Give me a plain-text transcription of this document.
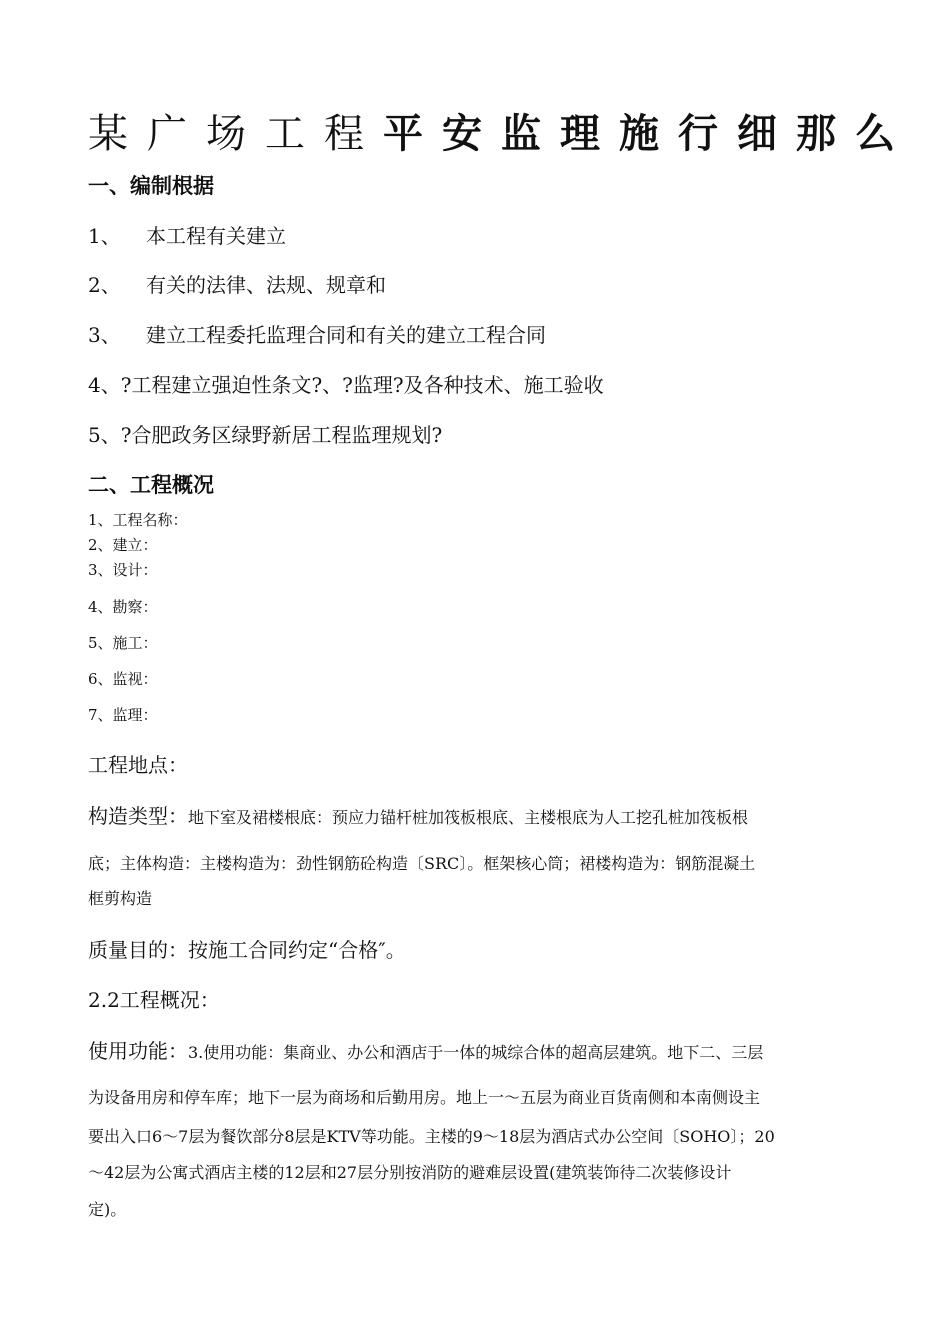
某广场工程平安监理施行细那么
一、编制根据
1、 本工程有关建立
2、 有关的法律、法规、规章和
3、 建立工程委托监理合同和有关的建立工程合同
4、?工程建立强迫性条文?、?监理?及各种技术、施工验收
5、?合肥政务区绿野新居工程监理规划?
二、工程概况
1、工程名称：
2、建立：
3、设计：
4、勘察：
5、施工：
6、监视：
7、监理：
工程地点：
构造类型：地下室及裙楼根底：预应力锚杆桩加筏板根底、主楼根底为人工挖孔桩加筏板根
底；主体构造：主楼构造为：劲性钢筋砼构造〔SRC〕。框架核心筒；裙楼构造为：钢筋混凝土
框剪构造
质量目的：按施工合同约定“合格″。
2.2工程概况：
使用功能：3.使用功能：集商业、办公和酒店于一体的城综合体的超高层建筑。地下二、三层
为设备用房和停车库；地下一层为商场和后勤用房。地上一～五层为商业百货南侧和本南侧设主
要出入口6～7层为餐饮部分8层是KTV等功能。主楼的9～18层为酒店式办公空间〔SOHO〕；20
～42层为公寓式酒店主楼的12层和27层分别按消防的避难层设置(建筑装饰待二次装修设计
定)。
